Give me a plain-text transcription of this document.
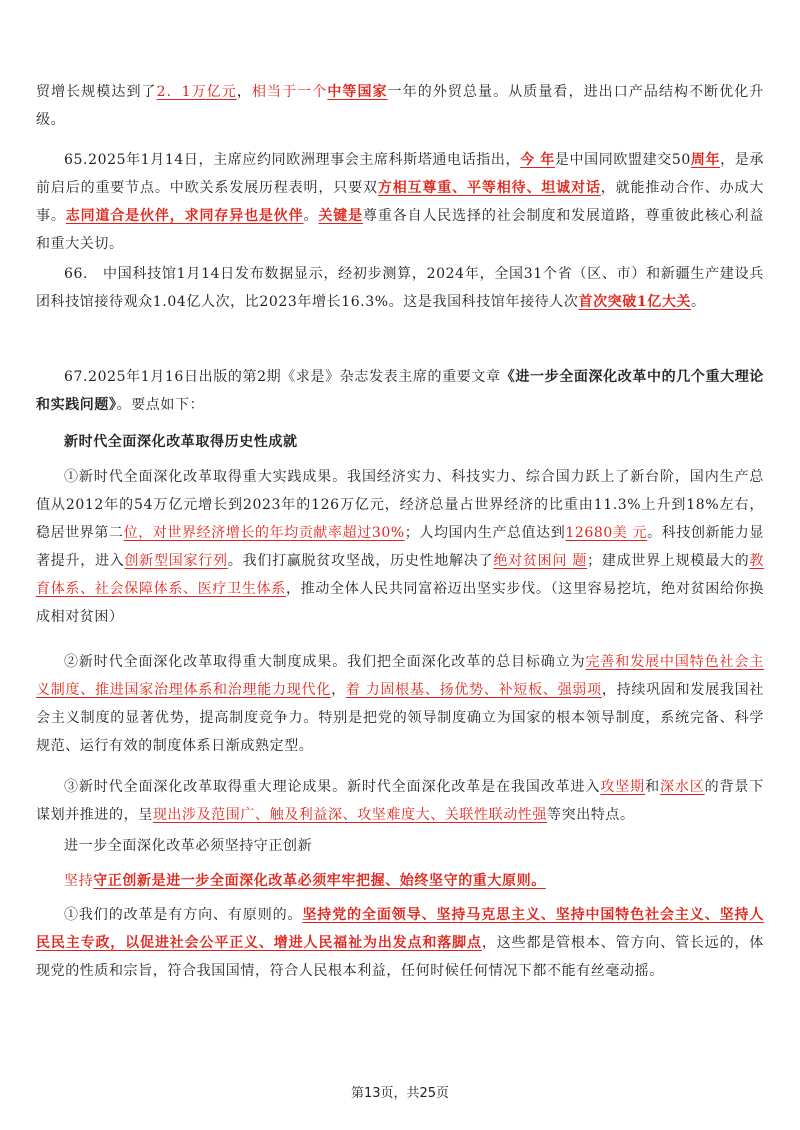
贸增长规模达到了2．1万亿元，相当于一个中等国家一年的外贸总量。从质量看，进出口产品结构不断优化升级。

65.2025年1月14日，主席应约同欧洲理事会主席科斯塔通电话指出，今 年是中国同欧盟建交50周年，是承前启后的重要节点。中欧关系发展历程表明，只要双方相互尊重、平等相待、坦诚对话，就能推动合作、办成大事。志同道合是伙伴，求同存异也是伙伴。关键是尊重各自人民选择的社会制度和发展道路，尊重彼此核心利益和重大关切。

66.　中国科技馆1月14日发布数据显示，经初步测算，2024年，全国31个省（区、市）和新疆生产建设兵团科技馆接待观众1.04亿人次，比2023年增长16.3%。这是我国科技馆年接待人次首次突破1亿大关。

67.2025年1月16日出版的第2期《求是》杂志发表主席的重要文章《进一步全面深化改革中的几个重大理论和实践问题》。要点如下：

新时代全面深化改革取得历史性成就

①新时代全面深化改革取得重大实践成果。我国经济实力、科技实力、综合国力跃上了新台阶，国内生产总值从2012年的54万亿元增长到2023年的126万亿元，经济总量占世界经济的比重由11.3%上升到18%左右，稳居世界第二位，对世界经济增长的年均贡献率超过30%；人均国内生产总值达到12680美 元。科技创新能力显著提升，进入创新型国家行列。我们打赢脱贫攻坚战，历史性地解决了绝对贫困问 题；建成世界上规模最大的教育体系、社会保障体系、医疗卫生体系，推动全体人民共同富裕迈出坚实步伐。（这里容易挖坑，绝对贫困给你换成相对贫困）

②新时代全面深化改革取得重大制度成果。我们把全面深化改革的总目标确立为完善和发展中国特色社会主义制度、推进国家治理体系和治理能力现代化，着 力固根基、扬优势、补短板、强弱项，持续巩固和发展我国社会主义制度的显著优势，提高制度竞争力。特别是把党的领导制度确立为国家的根本领导制度，系统完备、科学规范、运行有效的制度体系日渐成熟定型。

③新时代全面深化改革取得重大理论成果。新时代全面深化改革是在我国改革进入攻坚期和深水区的背景下谋划并推进的，呈现出涉及范围广、触及利益深、攻坚难度大、关联性联动性强等突出特点。

进一步全面深化改革必须坚持守正创新

坚持守正创新是进一步全面深化改革必须牢牢把握、始终坚守的重大原则。

①我们的改革是有方向、有原则的。坚持党的全面领导、坚持马克思主义、坚持中国特色社会主义、坚持人民民主专政，以促进社会公平正义、增进人民福祉为出发点和落脚点，这些都是管根本、管方向、管长远的，体现党的性质和宗旨，符合我国国情，符合人民根本利益，任何时候任何情况下都不能有丝毫动摇。

第13页，共25页
